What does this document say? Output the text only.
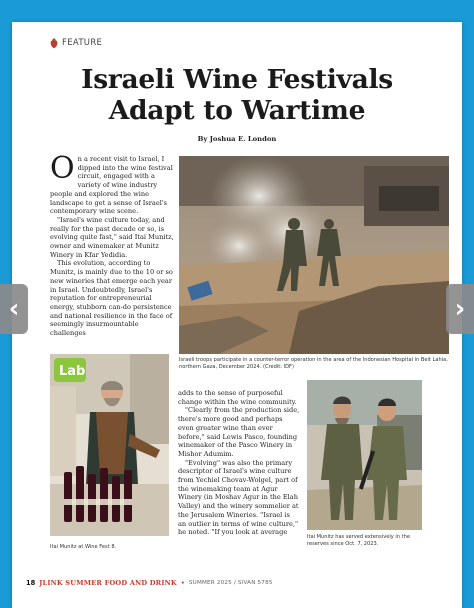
FEATURE
Israeli Wine Festivals
Adapt to Wartime
By Joshua E. London

On a recent visit to Israel, I dipped into the wine festival circuit, engaged with a variety of wine industry people and explored the wine landscape to get a sense of Israel's contemporary wine scene.

"Israel's wine culture today, and really for the past decade or so, is evolving quite fast," said Itai Munitz, owner and winemaker at Munitz Winery in Kfar Yedidia.

This evolution, according to Munitz, is mainly due to the 10 or so new wineries that emerge each year in Israel. Undoubtedly, Israel's reputation for entrepreneurial energy, stubborn can-do persistence and national resilience in the face of seemingly insurmountable challenges

Israeli troops participate in a counter-terror operation in the area of the Indonesian Hospital in Beit Lahia, northern Gaza, December 2024. (Credit: IDF)
Lab
Itai Munitz at Wine Fest 8.

adds to the sense of purposeful change within the wine community.

"Clearly from the production side, there's more good and perhaps even greater wine than ever before," said Lewis Pasco, founding winemaker of the Pasco Winery in Mishor Adumim.

"Evolving" was also the primary descriptor of Israel's wine culture from Yechiel Chovav-Wolgel, part of the winemaking team at Agur Winery (in Moshav Agur in the Elah Valley) and the winery sommelier at the Jerusalem Wineries. "Israel is an outlier in terms of wine culture," he noted. "If you look at average

Itai Munitz has served extensively in the reserves since Oct. 7, 2023.
18 JLINK SUMMER FOOD AND DRINK • SUMMER 2025 / SIVAN 5785
‹	›
